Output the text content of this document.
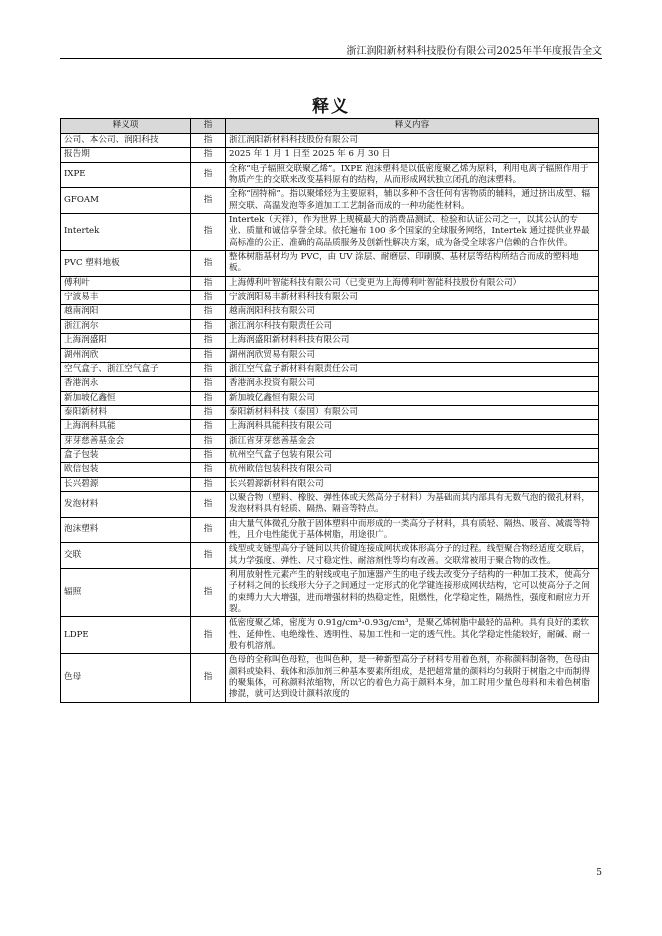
浙江润阳新材料科技股份有限公司2025年半年度报告全文
释义
释义项	指	释义内容
公司、本公司、润阳科技	指	浙江润阳新材料科技股份有限公司
报告期	指	2025 年 1 月 1 日至 2025 年 6 月 30 日
IXPE	指	全称“电子辐照交联聚乙烯”。IXPE 泡沫塑料是以低密度聚乙烯为原料，利用电离子辐照作用于物质产生的交联来改变基料原有的结构，从而形成网状独立闭孔的泡沫塑料。
GFOAM	指	全称“固特棉”。指以聚烯烃为主要原料，辅以多种不含任何有害物质的辅料，通过挤出成型、辐照交联、高温发泡等多道加工工艺制备而成的一种功能性材料。
Intertek	指	Intertek（天祥），作为世界上规模最大的消费品测试、检验和认证公司之一，以其公认的专业、质量和诚信享誉全球。依托遍布 100 多个国家的全球服务网络，Intertek 通过提供业界最高标准的公正、准确的高品质服务及创新性解决方案，成为备受全球客户信赖的合作伙伴。
PVC 塑料地板	指	整体树脂基材均为 PVC，由 UV 涂层、耐磨层、印刷膜、基材层等结构所结合而成的塑料地板。
傅利叶	指	上海傅利叶智能科技有限公司（已变更为上海傅利叶智能科技股份有限公司）
宁波易丰	指	宁波润阳易丰新材料科技有限公司
越南润阳	指	越南润阳科技有限公司
浙江润尔	指	浙江润尔科技有限责任公司
上海润盛阳	指	上海润盛阳新材料科技有限公司
湖州润欣	指	湖州润欣贸易有限公司
空气盒子、浙江空气盒子	指	浙江空气盒子新材料有限责任公司
香港润永	指	香港润永投资有限公司
新加坡亿鑫恒	指	新加坡亿鑫恒有限公司
泰阳新材料	指	泰阳新材料科技（泰国）有限公司
上海润科具能	指	上海润科具能科技有限公司
芽芽慈善基金会	指	浙江省芽芽慈善基金会
盒子包装	指	杭州空气盒子包装有限公司
欧信包装	指	杭州欧信包装科技有限公司
长兴碧源	指	长兴碧源新材料有限公司
发泡材料	指	以聚合物（塑料、橡胶、弹性体或天然高分子材料）为基础而其内部具有无数气泡的微孔材料，发泡材料具有轻质、隔热、隔音等特点。
泡沫塑料	指	由大量气体微孔分散于固体塑料中而形成的一类高分子材料，具有质轻、隔热、吸音、减震等特性，且介电性能优于基体树脂，用途很广。
交联	指	线型或支链型高分子链间以共价键连接成网状或体形高分子的过程。线型聚合物经适度交联后，其力学强度、弹性、尺寸稳定性、耐溶剂性等均有改善。交联常被用于聚合物的改性。
辐照	指	利用放射性元素产生的射线或电子加速器产生的电子线去改变分子结构的一种加工技术，使高分子材料之间的长线形大分子之间通过一定形式的化学键连接形成网状结构，它可以使高分子之间的束缚力大大增强，进而增强材料的热稳定性，阻燃性，化学稳定性，隔热性，强度和耐应力开裂。
LDPE	指	低密度聚乙烯，密度为 0.91g/cm³-0.93g/cm³，是聚乙烯树脂中最轻的品种。具有良好的柔软性、延伸性、电绝缘性、透明性、易加工性和一定的透气性。其化学稳定性能较好，耐碱、耐一般有机溶剂。
色母	指	色母的全称叫色母粒，也叫色种，是一种新型高分子材料专用着色剂，亦称颜料制备物，色母由颜料或染料、载体和添加剂三种基本要素所组成，是把超常量的颜料均匀载附于树脂之中而制得的聚集体，可称颜料浓缩物，所以它的着色力高于颜料本身，加工时用少量色母料和未着色树脂掺混，就可达到设计颜料浓度的
5
